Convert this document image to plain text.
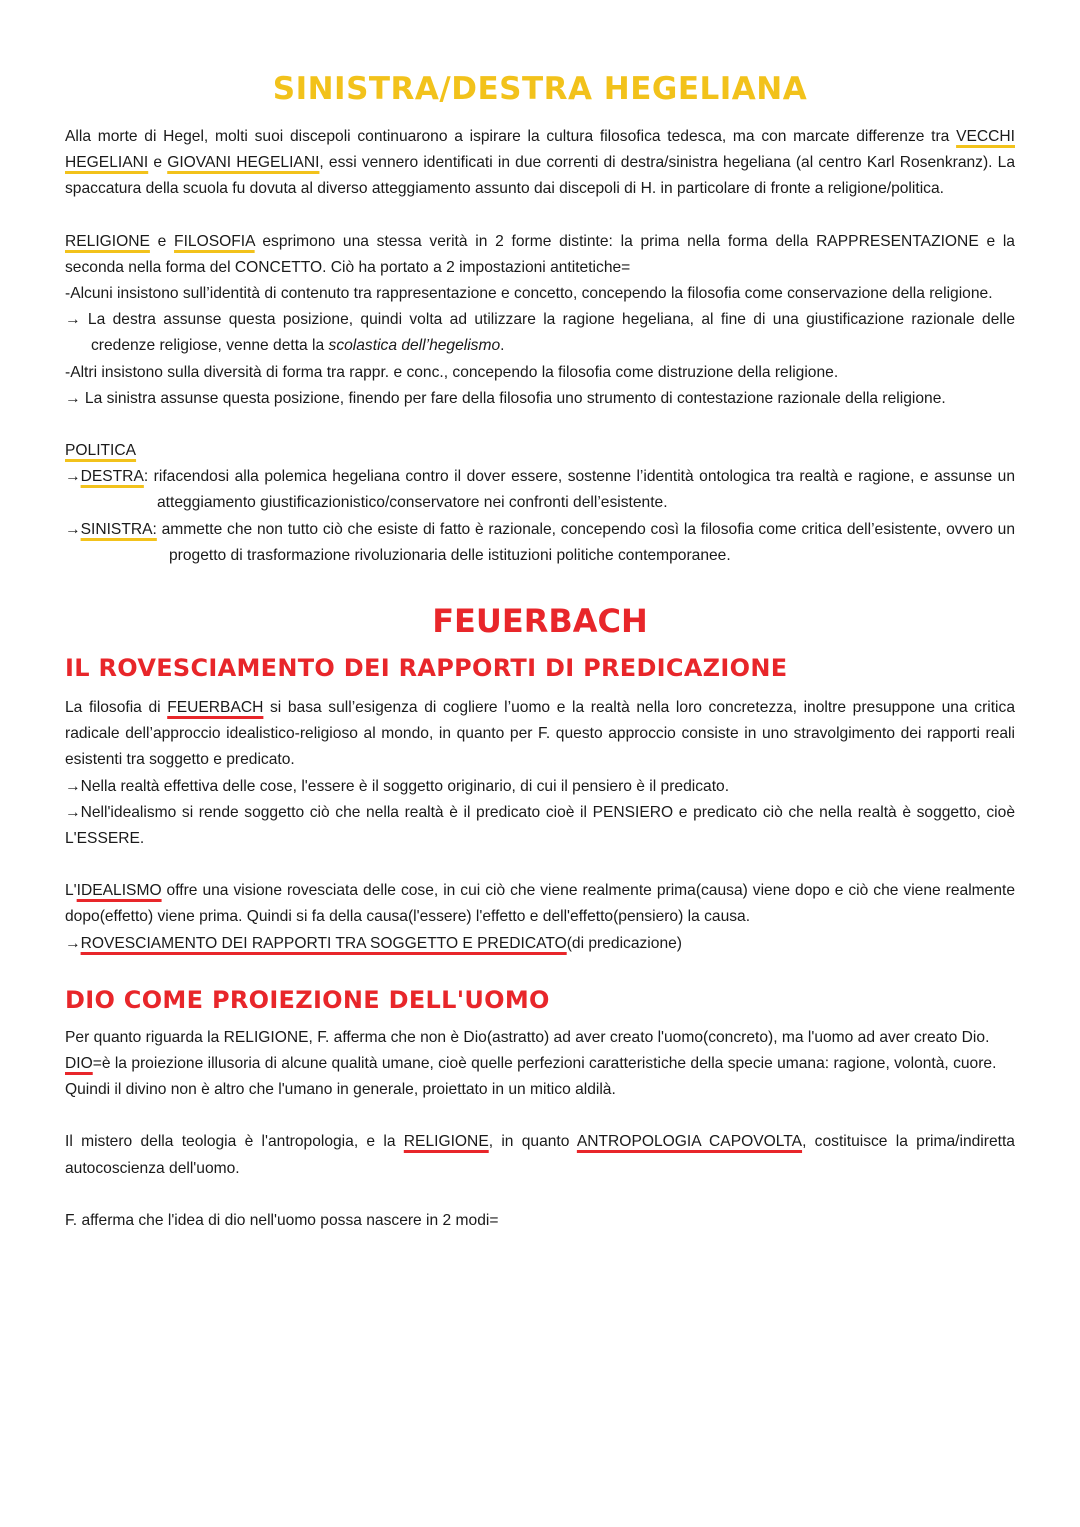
SINISTRA/DESTRA HEGELIANA

Alla morte di Hegel, molti suoi discepoli continuarono a ispirare la cultura filosofica tedesca, ma con marcate differenze tra VECCHI HEGELIANI e GIOVANI HEGELIANI, essi vennero identificati in due correnti di destra/sinistra hegeliana (al centro Karl Rosenkranz). La spaccatura della scuola fu dovuta al diverso atteggiamento assunto dai discepoli di H. in particolare di fronte a religione/politica.

RELIGIONE e FILOSOFIA esprimono una stessa verità in 2 forme distinte: la prima nella forma della RAPPRESENTAZIONE e la seconda nella forma del CONCETTO. Ciò ha portato a 2 impostazioni antitetiche=

-Alcuni insistono sull’identità di contenuto tra rappresentazione e concetto, concependo la filosofia come conservazione della religione.

→ La destra assunse questa posizione, quindi volta ad utilizzare la ragione hegeliana, al fine di una giustificazione razionale delle credenze religiose, venne detta la scolastica dell’hegelismo.

-Altri insistono sulla diversità di forma tra rappr. e conc., concependo la filosofia come distruzione della religione.

→ La sinistra assunse questa posizione, finendo per fare della filosofia uno strumento di contestazione razionale della religione.

POLITICA

→DESTRA: rifacendosi alla polemica hegeliana contro il dover essere, sostenne l’identità ontologica tra realtà e ragione, e assunse un atteggiamento giustificazionistico/conservatore nei confronti dell’esistente.

→SINISTRA: ammette che non tutto ciò che esiste di fatto è razionale, concependo così la filosofia come critica dell’esistente, ovvero un progetto di trasformazione rivoluzionaria delle istituzioni politiche contemporanee.

FEUERBACH
IL ROVESCIAMENTO DEI RAPPORTI DI PREDICAZIONE

La filosofia di FEUERBACH si basa sull’esigenza di cogliere l’uomo e la realtà nella loro concretezza, inoltre presuppone una critica radicale dell’approccio idealistico-religioso al mondo, in quanto per F. questo approccio consiste in uno stravolgimento dei rapporti reali esistenti tra soggetto e predicato.

→Nella realtà effettiva delle cose, l'essere è il soggetto originario, di cui il pensiero è il predicato.

→Nell'idealismo si rende soggetto ciò che nella realtà è il predicato cioè il PENSIERO e predicato ciò che nella realtà è soggetto, cioè L'ESSERE.

L'IDEALISMO offre una visione rovesciata delle cose, in cui ciò che viene realmente prima(causa) viene dopo e ciò che viene realmente dopo(effetto) viene prima. Quindi si fa della causa(l'essere) l'effetto e dell'effetto(pensiero) la causa.

→ROVESCIAMENTO DEI RAPPORTI TRA SOGGETTO E PREDICATO(di predicazione)

DIO COME PROIEZIONE DELL'UOMO

Per quanto riguarda la RELIGIONE, F. afferma che non è Dio(astratto) ad aver creato l'uomo(concreto), ma l'uomo ad aver creato Dio.

DIO=è la proiezione illusoria di alcune qualità umane, cioè quelle perfezioni caratteristiche della specie umana: ragione, volontà, cuore.

Quindi il divino non è altro che l'umano in generale, proiettato in un mitico aldilà.

Il mistero della teologia è l'antropologia, e la RELIGIONE, in quanto ANTROPOLOGIA CAPOVOLTA, costituisce la prima/indiretta autocoscienza dell'uomo.

F. afferma che l'idea di dio nell'uomo possa nascere in 2 modi=
